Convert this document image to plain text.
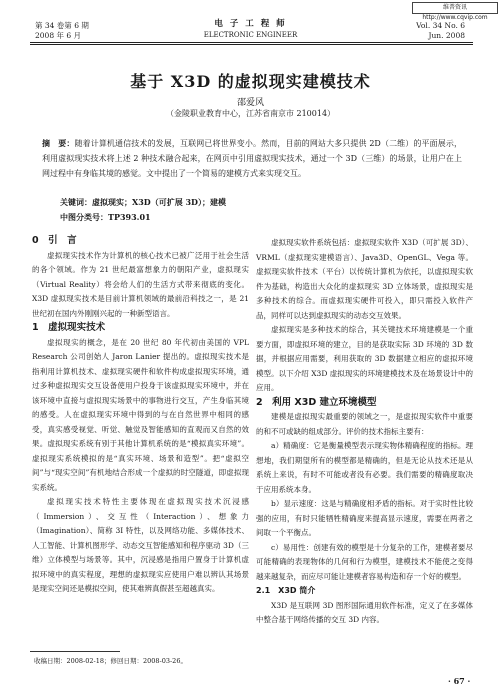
维普资讯 http://www.cqvip.com
第 34 卷第 6 期
2008 年 6 月
电 子 工 程 师
ELECTRONIC ENGINEER
Vol. 34 No. 6
Jun. 2008
基于 X3D 的虚拟现实建模技术
邵爱风
（金陵职业教育中心，江苏省南京市 210014）
摘　要：随着计算机通信技术的发展，互联网已将世界变小。然而，目前的网站大多只提供 2D（二维）的平面展示，利用虚拟现实技术将上述 2 种技术融合起来，在网页中引用虚拟现实技术，通过一个 3D（三维）的场景，让用户在上网过程中有身临其境的感觉。文中提出了一个简易的建模方式来实现交互。
关键词：虚拟现实；X3D（可扩展 3D）；建模
中图分类号：TP393.01

0　引　言

虚拟现实技术作为计算机的核心技术已被广泛用于社会生活的各个领域。作为 21 世纪最富想象力的朝阳产业，虚拟现实（Virtual Reality）将会给人们的生活方式带来彻底的变化。X3D 虚拟现实技术是目前计算机领域的最前沿科技之一，是 21 世纪初在国内外刚刚兴起的一种新型语言。

1　虚拟现实技术

虚拟现实的概念，是在 20 世纪 80 年代初由美国的 VPL Research 公司创始人 Jaron Lanier 提出的。虚拟现实技术是指利用计算机技术、虚拟现实硬件和软件构成虚拟现实环境，通过多种虚拟现实交互设备使用户投身于该虚拟现实环境中，并在该环境中直接与虚拟现实场景中的事物进行交互，产生身临其境的感受。人在虚拟现实环境中得到的与在自然世界中相同的感受，真实感受视觉、听觉、触觉及智能感知的直观而又自然的效果。虚拟现实系统有别于其他计算机系统的是“模拟真实环境”。虚拟现实系统模拟的是“真实环境、场景和造型”。把“虚拟空间”与“现实空间”有机地结合形成一个虚拟的时空隧道，即虚拟现实系统。

虚拟现实技术特性主要体现在虚拟现实技术沉浸感（Immersion）、交互性（Interaction）、想象力（Imagination）、简称 3I 特性，以及网络功能、多媒体技术、人工智能、计算机图形学、动态交互智能感知和程序驱动 3D（三维）立体模型与场景等。其中，沉浸感是指用户置身于计算机虚拟环境中的真实程度，理想的虚拟现实应使用户难以辨认其场景是现实空间还是模拟空间，使其难辨真假甚至超越真实。

虚拟现实软件系统包括：虚拟现实软件 X3D（可扩展 3D）、VRML（虚拟现实建模语言）、Java3D、OpenGL、Vega 等。虚拟现实软件技术（平台）以传统计算机为依托，以虚拟现实软件为基础，构造出大众化的虚拟现实 3D 立体场景，虚拟现实是多种技术的综合。而虚拟现实硬件可投入，即只需投入软件产品，同样可以达到虚拟现实的动态交互效果。

虚拟现实是多种技术的综合，其关键技术环境建模是一个重要方面，即虚拟环境的建立，目的是获取实际 3D 环境的 3D 数据，并根据应用需要，利用获取的 3D 数据建立相应的虚拟环境模型。以下介绍 X3D 虚拟现实的环境建模技术及在场景设计中的应用。

2　利用 X3D 建立环境模型

建模是虚拟现实最重要的领域之一，是虚拟现实软件中重要的和不可或缺的组成部分。评价的技术指标主要有：

a）精确度：它是衡量模型表示现实物体精确程度的指标。理想地，我们期望所有的模型都是精确的，但是无论从技术还是从系统上来说，有时不可能或者没有必要。我们需要的精确度取决于应用系统本身。

b）显示速度：这是与精确度相矛盾的指标。对于实时性比较强的应用，有时只能牺牲精确度来提高显示速度，需要在两者之间取一个平衡点。

c）易用性：创建有效的模型是十分复杂的工作，建模者要尽可能精确的表现物体的几何和行为模型，建模技术不能使之变得越来越复杂，而应尽可能让建模者容易构造和存一个好的模型。

2.1　X3D 简介

X3D 是互联网 3D 图形国际通用软件标准，定义了在多媒体中整合基于网络传播的交互 3D 内容。

收稿日期：2008-02-18；修回日期：2008-03-26。
· 67 ·
